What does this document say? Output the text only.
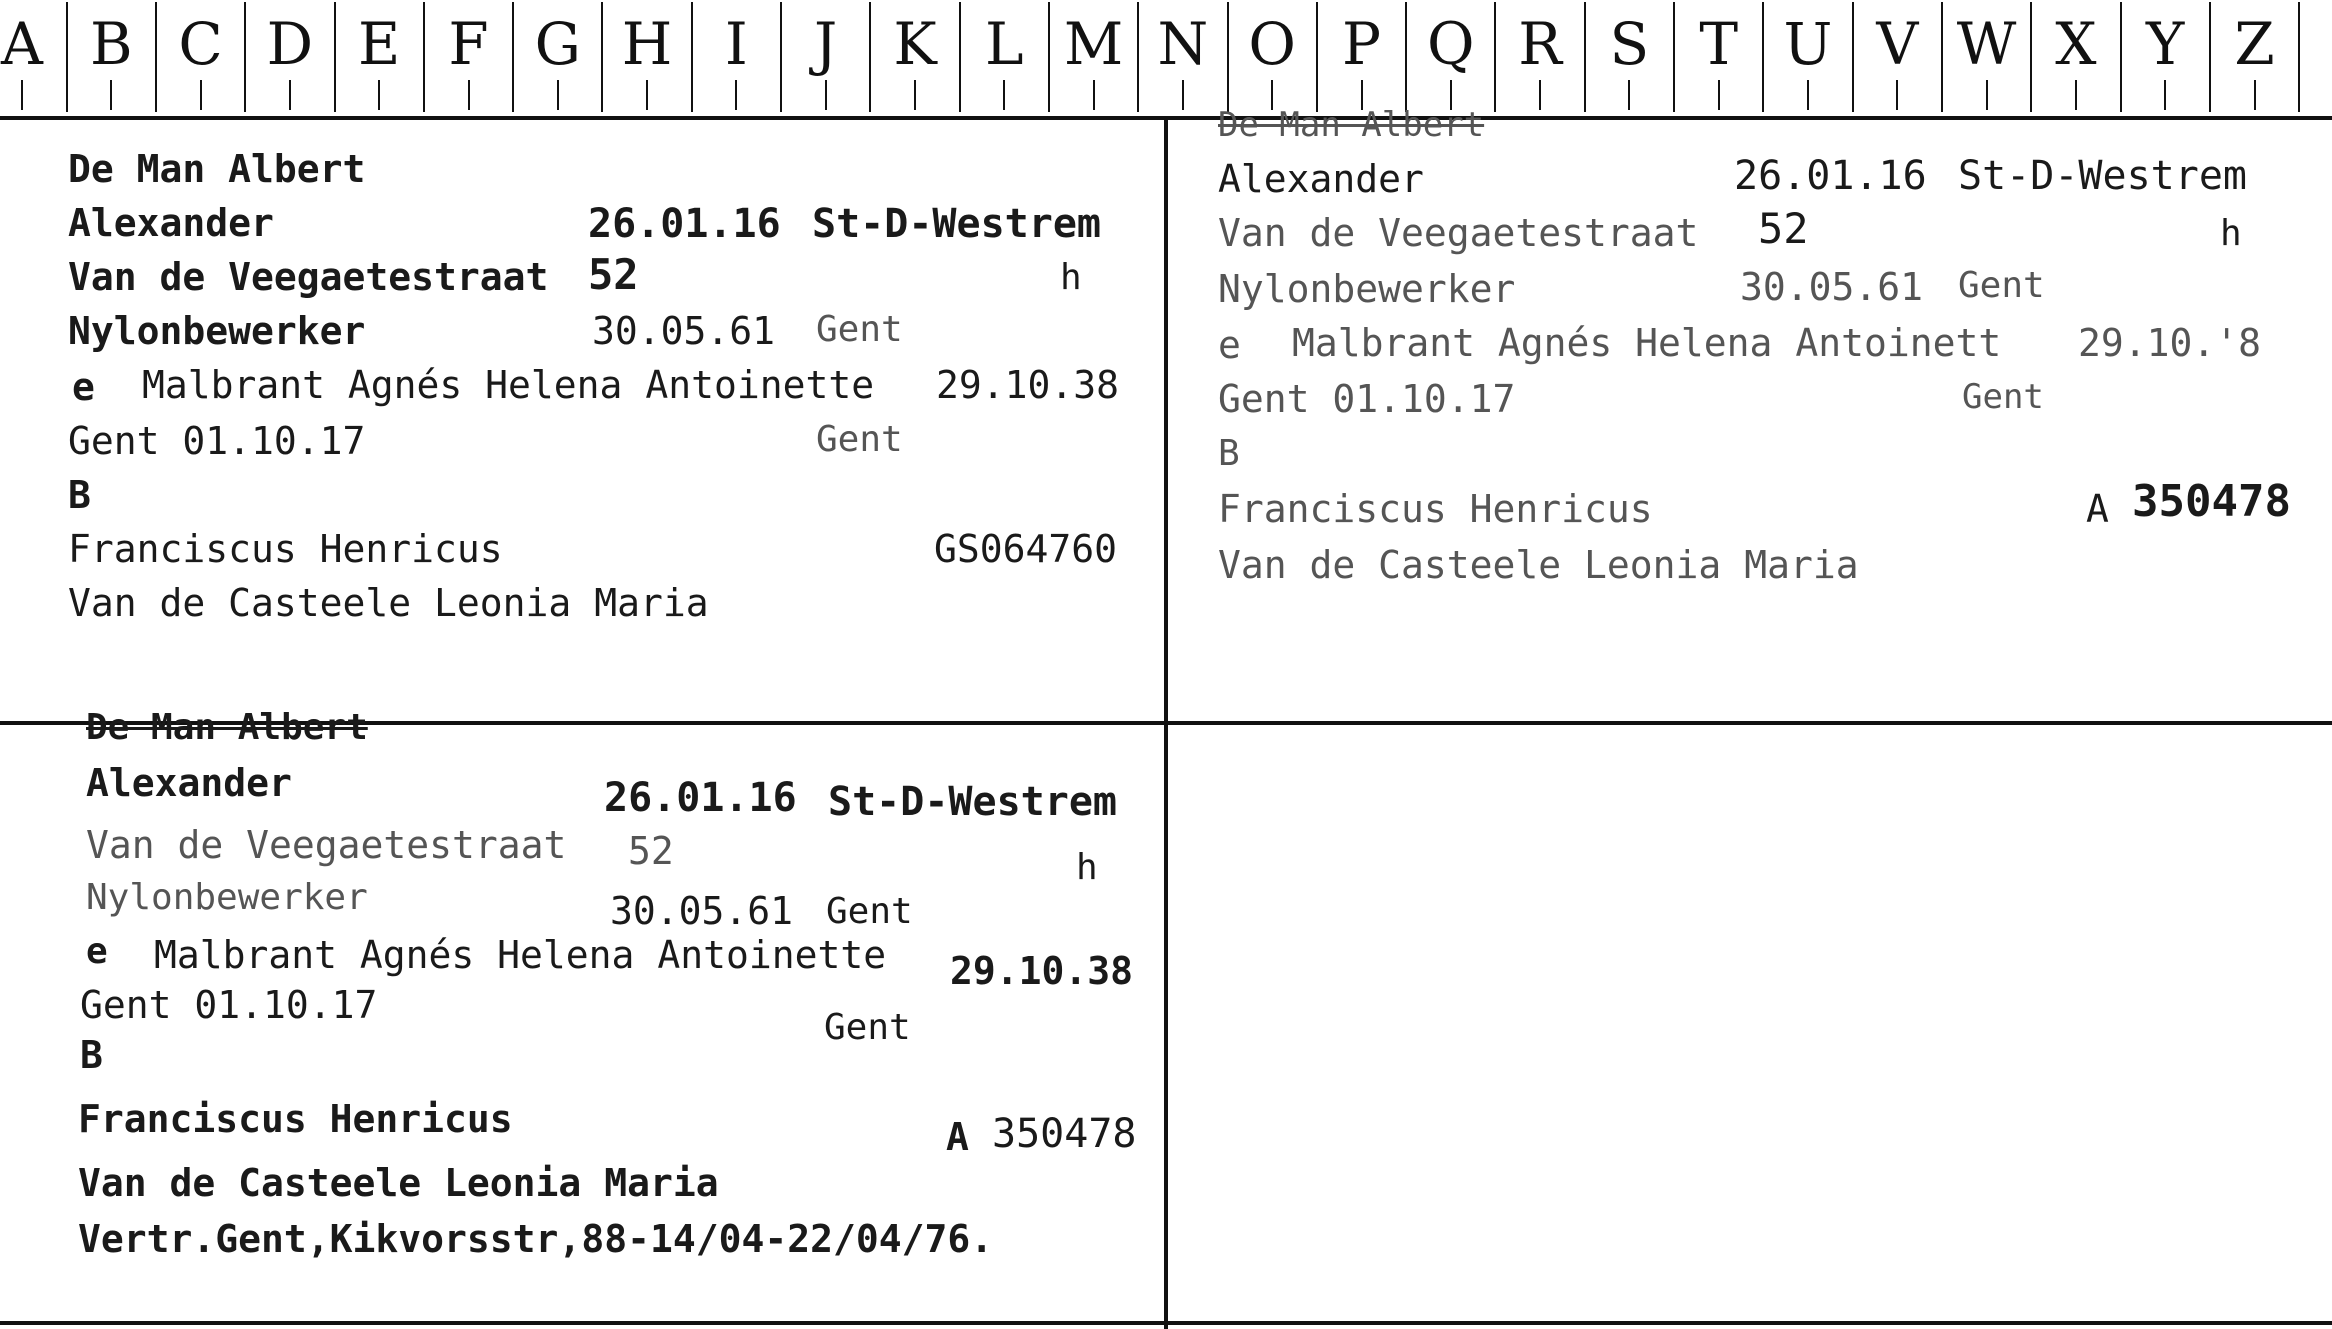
A B C D E F G H I	J K L M N O P Q R S T U V W X Y Z
De Man Albert
Alexander	26.01.16 St-D-Westrem
Van de Veegaetestraat 52	h
Nylonbewerker	30.05.61 Gent
e Malbrant Agnés Helena Antoinette 29.10.38
Gent 01.10.17	Gent
B
Franciscus Henricus	GS064760
Van de Casteele Leonia Maria
De Man Albert
Alexander	26.01.16 St-D-Westrem
Van de Veegaetestraat 52	h
Nylonbewerker	30.05.61 Gent
e Malbrant Agnés Helena Antoinett 29.10.'8
Gent 01.10.17	Gent
B
Franciscus Henricus	A 350478
Van de Casteele Leonia Maria
De Man Albert
Alexander	26.01.16 St-D-Westrem
Van de Veegaetestraat 52	h
Nylonbewerker	30.05.61 Gent
e Malbrant Agnés Helena Antoinette 29.10.38
Gent 01.10.17
Gent
B
Franciscus Henricus	A 350478
Van de Casteele Leonia Maria
Vertr.Gent,Kikvorsstr,88-14/04-22/04/76.
